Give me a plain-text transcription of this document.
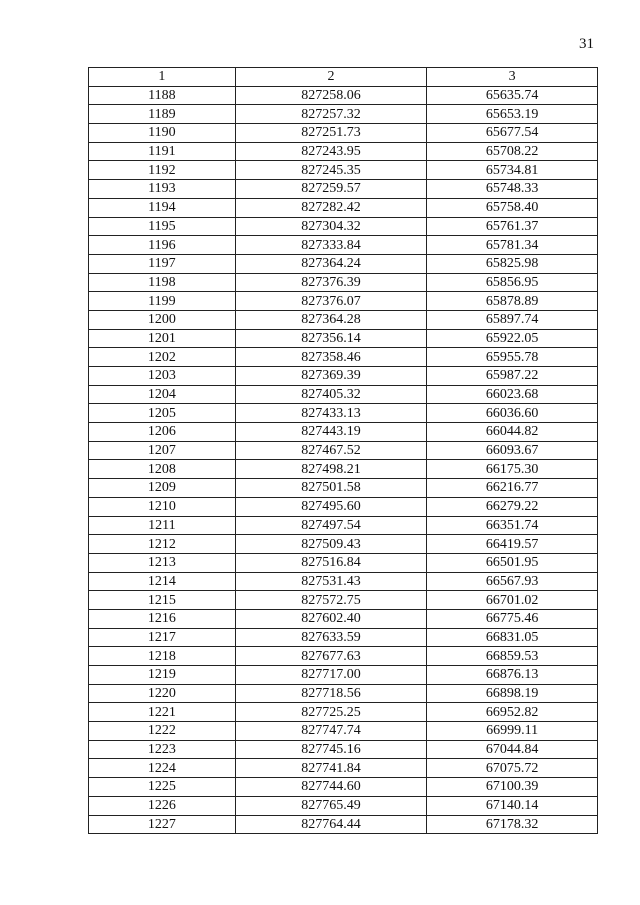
31
1	2	3
1188	827258.06	65635.74
1189	827257.32	65653.19
1190	827251.73	65677.54
1191	827243.95	65708.22
1192	827245.35	65734.81
1193	827259.57	65748.33
1194	827282.42	65758.40
1195	827304.32	65761.37
1196	827333.84	65781.34
1197	827364.24	65825.98
1198	827376.39	65856.95
1199	827376.07	65878.89
1200	827364.28	65897.74
1201	827356.14	65922.05
1202	827358.46	65955.78
1203	827369.39	65987.22
1204	827405.32	66023.68
1205	827433.13	66036.60
1206	827443.19	66044.82
1207	827467.52	66093.67
1208	827498.21	66175.30
1209	827501.58	66216.77
1210	827495.60	66279.22
1211	827497.54	66351.74
1212	827509.43	66419.57
1213	827516.84	66501.95
1214	827531.43	66567.93
1215	827572.75	66701.02
1216	827602.40	66775.46
1217	827633.59	66831.05
1218	827677.63	66859.53
1219	827717.00	66876.13
1220	827718.56	66898.19
1221	827725.25	66952.82
1222	827747.74	66999.11
1223	827745.16	67044.84
1224	827741.84	67075.72
1225	827744.60	67100.39
1226	827765.49	67140.14
1227	827764.44	67178.32
